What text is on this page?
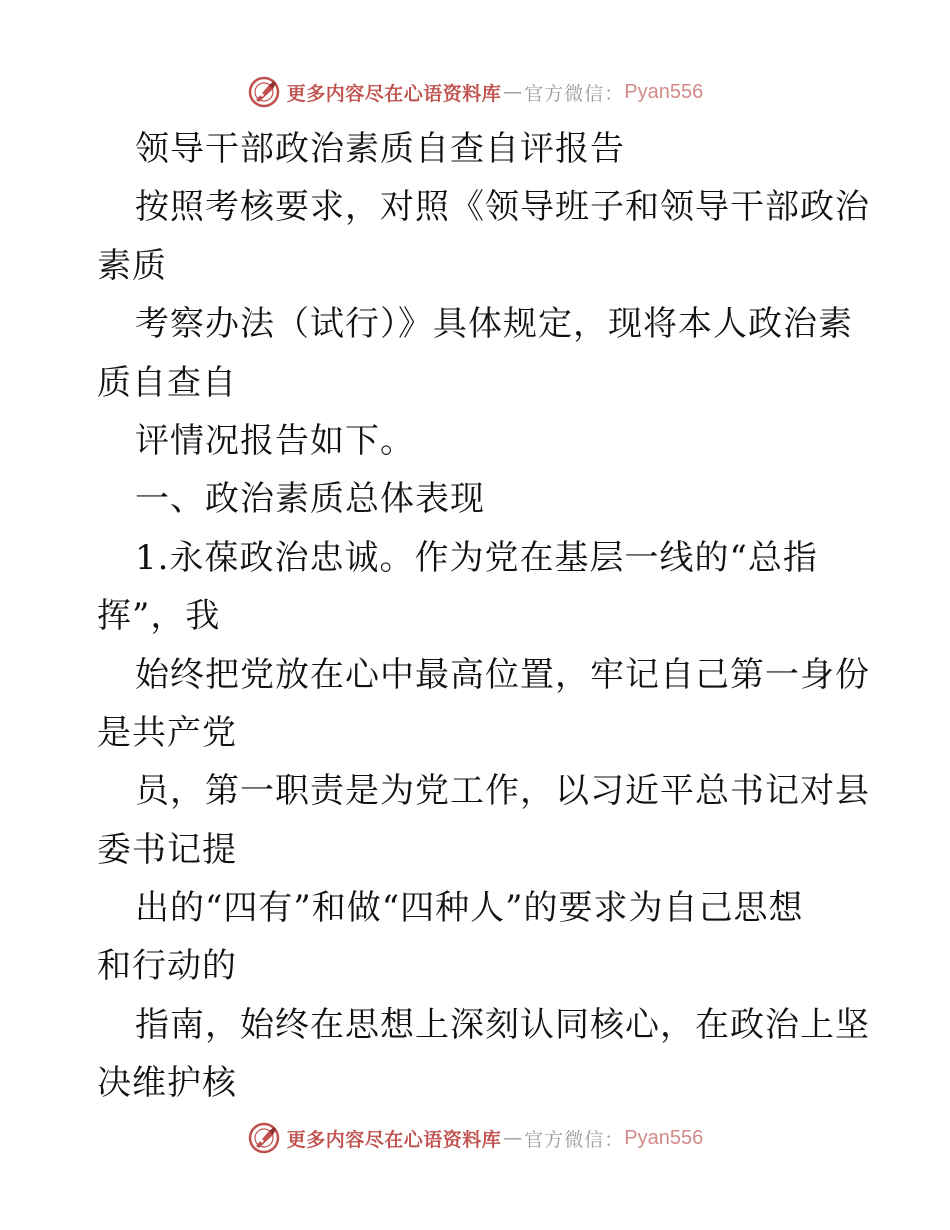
更多内容尽在心语资料库 — 官方微信： Pyan556
领导干部政治素质自查自评报告
按照考核要求，对照《领导班子和领导干部政治
素质
考察办法（试行）》具体规定，现将本人政治素
质自查自
评情况报告如下。
一、政治素质总体表现
1.永葆政治忠诚。作为党在基层一线的“总指
挥”，我
始终把党放在心中最高位置，牢记自己第一身份
是共产党
员，第一职责是为党工作，以习近平总书记对县
委书记提
出的“四有”和做“四种人”的要求为自己思想
和行动的
指南，始终在思想上深刻认同核心，在政治上坚
决维护核
更多内容尽在心语资料库 — 官方微信： Pyan556
